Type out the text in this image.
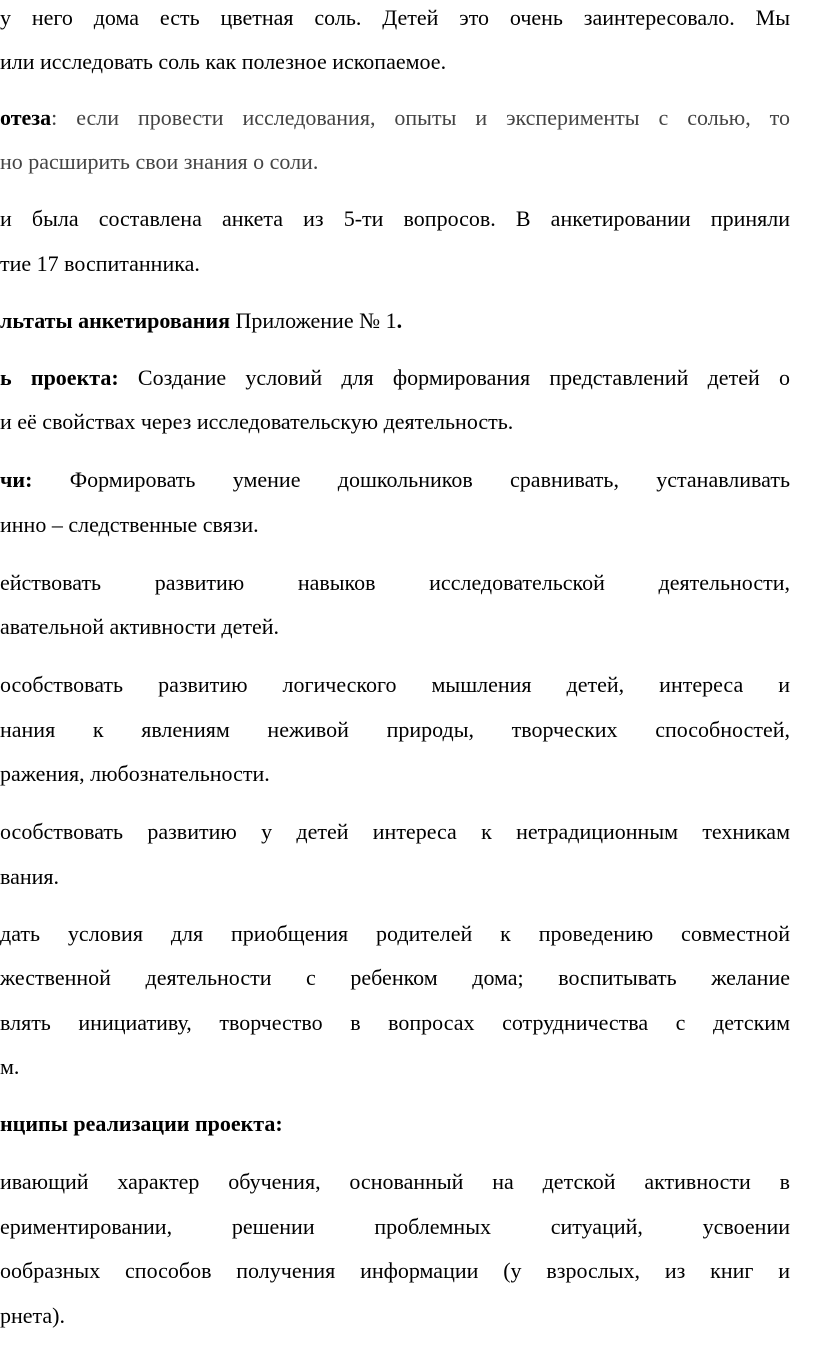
у него дома есть цветная соль. Детей это очень заинтересовало. Мы
или исследовать соль как полезное ископаемое.
отеза: если провести исследования, опыты и эксперименты с солью, то
но расширить свои знания о соли.
и была составлена анкета из 5-ти вопросов. В анкетировании приняли
тие 17 воспитанника.
льтаты анкетирования Приложение № 1.
ь проекта: Создание условий для формирования представлений детей о
и её свойствах через исследовательскую деятельность.
чи: Формировать умение дошкольников сравнивать, устанавливать
инно – следственные связи.
ействовать развитию навыков исследовательской деятельности,
авательной активности детей.
особствовать развитию логического мышления детей, интереса и
нания к явлениям неживой природы, творческих способностей,
ражения, любознательности.
особствовать развитию у детей интереса к нетрадиционным техникам
вания.
дать условия для приобщения родителей к проведению совместной
жественной деятельности с ребенком дома; воспитывать желание
влять инициативу, творчество в вопросах сотрудничества с детским
м.
нципы реализации проекта:
ивающий характер обучения, основанный на детской активности в
ериментировании, решении проблемных ситуаций, усвоении
ообразных способов получения информации (у взрослых, из книг и
рнета).
